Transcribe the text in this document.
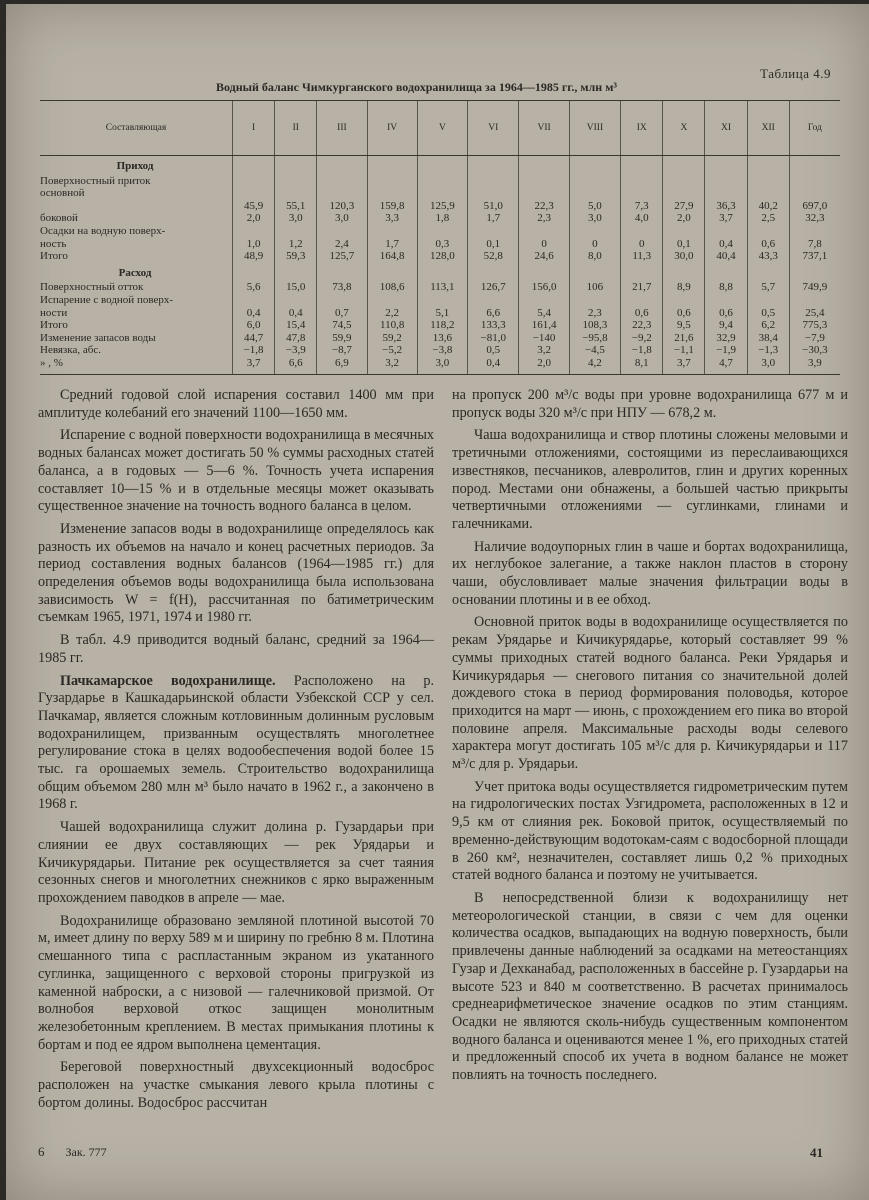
Таблица 4.9
Водный баланс Чимкурганского водохранилища за 1964—1985 гг., млн м³
Составляющая	I	II	III	IV	V	VI	VII	VIII	IX	X	XI	XII	Год
Приход													
Поверхностный приток													
основной													
	45,9	55,1	120,3	159,8	125,9	51,0	22,3	5,0	7,3	27,9	36,3	40,2	697,0
боковой	2,0	3,0	3,0	3,3	1,8	1,7	2,3	3,0	4,0	2,0	3,7	2,5	32,3
Осадки на водную поверх-													
ность	1,0	1,2	2,4	1,7	0,3	0,1	0	0	0	0,1	0,4	0,6	7,8
Итого	48,9	59,3	125,7	164,8	128,0	52,8	24,6	8,0	11,3	30,0	40,4	43,3	737,1
Расход													
Поверхностный отток	5,6	15,0	73,8	108,6	113,1	126,7	156,0	106	21,7	8,9	8,8	5,7	749,9
Испарение с водной поверх-													
ности	0,4	0,4	0,7	2,2	5,1	6,6	5,4	2,3	0,6	0,6	0,6	0,5	25,4
Итого	6,0	15,4	74,5	110,8	118,2	133,3	161,4	108,3	22,3	9,5	9,4	6,2	775,3
Изменение запасов воды	44,7	47,8	59,9	59,2	13,6	−81,0	−140	−95,8	−9,2	21,6	32,9	38,4	−7,9
Невязка, абс.	−1,8	−3,9	−8,7	−5,2	−3,8	0,5	3,2	−4,5	−1,8	−1,1	−1,9	−1,3	−30,3
» , %	3,7	6,6	6,9	3,2	3,0	0,4	2,0	4,2	8,1	3,7	4,7	3,0	3,9

Средний годовой слой испарения составил 1400 мм при амплитуде колебаний его значений 1100—1650 мм.

Испарение с водной поверхности водохранилища в месячных водных балансах может достигать 50 % суммы расходных статей баланса, а в годовых — 5—6 %. Точность учета испарения составляет 10—15 % и в отдельные месяцы может оказывать существенное значение на точность водного баланса в целом.

Изменение запасов воды в водохранилище определялось как разность их объемов на начало и конец расчетных периодов. За период составления водных балансов (1964—1985 гг.) для определения объемов воды водохранилища была использована зависимость W = f(H), рассчитанная по батиметрическим съемкам 1965, 1971, 1974 и 1980 гг.

В табл. 4.9 приводится водный баланс, средний за 1964—1985 гг.

Пачкамарское водохранилище. Расположено на р. Гузардарье в Кашкадарьинской области Узбекской ССР у сел. Пачкамар, является сложным котловинным долинным русловым водохранилищем, призванным осуществлять многолетнее регулирование стока в целях водообеспечения водой более 15 тыс. га орошаемых земель. Строительство водохранилища общим объемом 280 млн м³ было начато в 1962 г., а закончено в 1968 г.

Чашей водохранилища служит долина р. Гузардарьи при слиянии ее двух составляющих — рек Урядарьи и Кичикурядарьи. Питание рек осуществляется за счет таяния сезонных снегов и многолетних снежников с ярко выраженным прохождением паводков в апреле — мае.

Водохранилище образовано земляной плотиной высотой 70 м, имеет длину по верху 589 м и ширину по гребню 8 м. Плотина смешанного типа с распластанным экраном из укатанного суглинка, защищенного с верховой стороны пригрузкой из каменной наброски, а с низовой — галечниковой призмой. От волнобоя верховой откос защищен монолитным железобетонным креплением. В местах примыкания плотины к бортам и под ее ядром выполнена цементация.

Береговой поверхностный двухсекционный водосброс расположен на участке смыкания левого крыла плотины с бортом долины. Водосброс рассчитан

на пропуск 200 м³/с воды при уровне водохранилища 677 м и пропуск воды 320 м³/с при НПУ — 678,2 м.

Чаша водохранилища и створ плотины сложены меловыми и третичными отложениями, состоящими из переслаивающихся известняков, песчаников, алевролитов, глин и других коренных пород. Местами они обнажены, а большей частью прикрыты четвертичными отложениями — суглинками, глинами и галечниками.

Наличие водоупорных глин в чаше и бортах водохранилища, их неглубокое залегание, а также наклон пластов в сторону чаши, обусловливает малые значения фильтрации воды в основании плотины и в ее обход.

Основной приток воды в водохранилище осуществляется по рекам Урядарье и Кичикурядарье, который составляет 99 % суммы приходных статей водного баланса. Реки Урядарья и Кичикурядарья — снегового питания со значительной долей дождевого стока в период формирования половодья, которое приходится на март — июнь, с прохождением его пика во второй половине апреля. Максимальные расходы воды селевого характера могут достигать 105 м³/с для р. Кичикурядарьи и 117 м³/с для р. Урядарьи.

Учет притока воды осуществляется гидрометрическим путем на гидрологических постах Узгидромета, расположенных в 12 и 9,5 км от слияния рек. Боковой приток, осуществляемый по временно-действующим водотокам-саям с водосборной площади в 260 км², незначителен, составляет лишь 0,2 % приходных статей водного баланса и поэтому не учитывается.

В непосредственной близи к водохранилищу нет метеорологической станции, в связи с чем для оценки количества осадков, выпадающих на водную поверхность, были привлечены данные наблюдений за осадками на метеостанциях Гузар и Дехканабад, расположенных в бассейне р. Гузардарьи на высоте 523 и 840 м соответственно. В расчетах принималось среднеарифметическое значение осадков по этим станциям. Осадки не являются сколь-нибудь существенным компонентом водного баланса и оцениваются менее 1 %, его приходных статей и предложенный способ их учета в водном балансе не может повлиять на точность последнего.

6 Зак. 777	41
